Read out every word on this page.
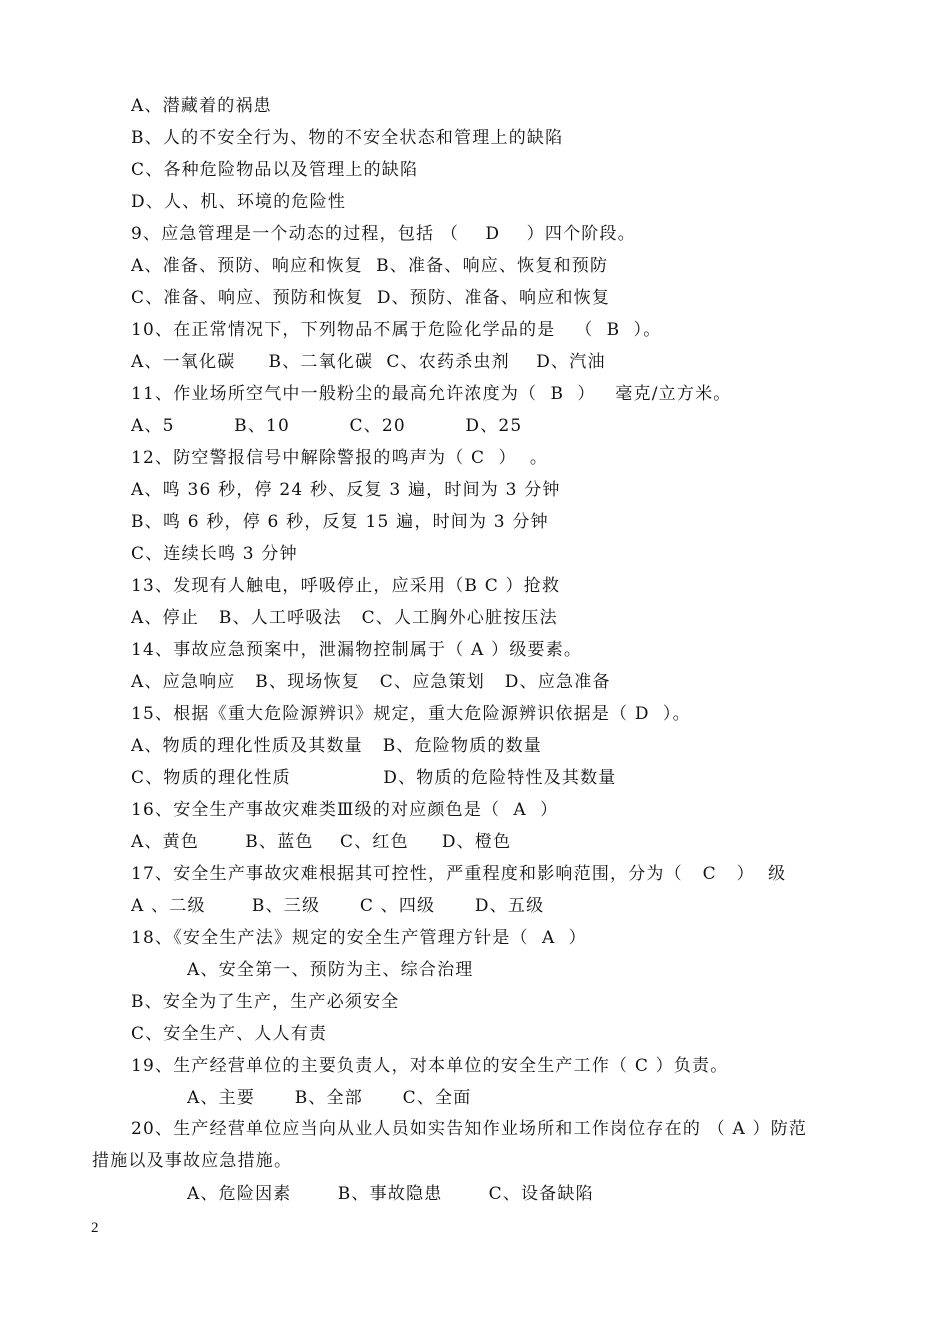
A、潜藏着的祸患
B、人的不安全行为、物的不安全状态和管理上的缺陷
C、各种危险物品以及管理上的缺陷
D、人、机、环境的危险性
9、应急管理是一个动态的过程，包括 （    D    ）四个阶段。
A、准备、预防、响应和恢复  B、准备、响应、恢复和预防
C、准备、响应、预防和恢复  D、预防、准备、响应和恢复
10、在正常情况下，下列物品不属于危险化学品的是   （  B  ）。
A、一氧化碳     B、二氧化碳  C、农药杀虫剂    D、汽油
11、作业场所空气中一般粉尘的最高允许浓度为（  B  ）   毫克/立方米。
A、5         B、10         C、20         D、25
12、防空警报信号中解除警报的鸣声为（ C  ）  。
A、鸣 36 秒，停 24 秒、反复 3 遍，时间为 3 分钟
B、鸣 6 秒，停 6 秒，反复 15 遍，时间为 3 分钟
C、连续长鸣 3 分钟
13、发现有人触电，呼吸停止，应采用（B C ）抢救
A、停止   B、人工呼吸法   C、人工胸外心脏按压法
14、事故应急预案中，泄漏物控制属于（ A ）级要素。
A、应急响应   B、现场恢复   C、应急策划   D、应急准备
15、根据《重大危险源辨识》规定，重大危险源辨识依据是（ D  ）。
A、物质的理化性质及其数量   B、危险物质的数量
C、物质的理化性质              D、物质的危险特性及其数量
16、安全生产事故灾难类Ⅲ级的对应颜色是（  A  ）
A、黄色       B、蓝色    C、红色     D、橙色
17、安全生产事故灾难根据其可控性，严重程度和影响范围，分为（   C   ）  级
A 、二级       B、三级      C 、四级      D、五级
18、《安全生产法》规定的安全生产管理方针是（  A  ）
A、安全第一、预防为主、综合治理
B、安全为了生产，生产必须安全
C、安全生产、人人有责
19、生产经营单位的主要负责人，对本单位的安全生产工作（ C ）负责。
A、主要      B、全部      C、全面
A、危险因素       B、事故隐患       C、设备缺陷
20、生产经营单位应当向从业人员如实告知作业场所和工作岗位存在的 （ A ）防范措施以及事故应急措施。
2
